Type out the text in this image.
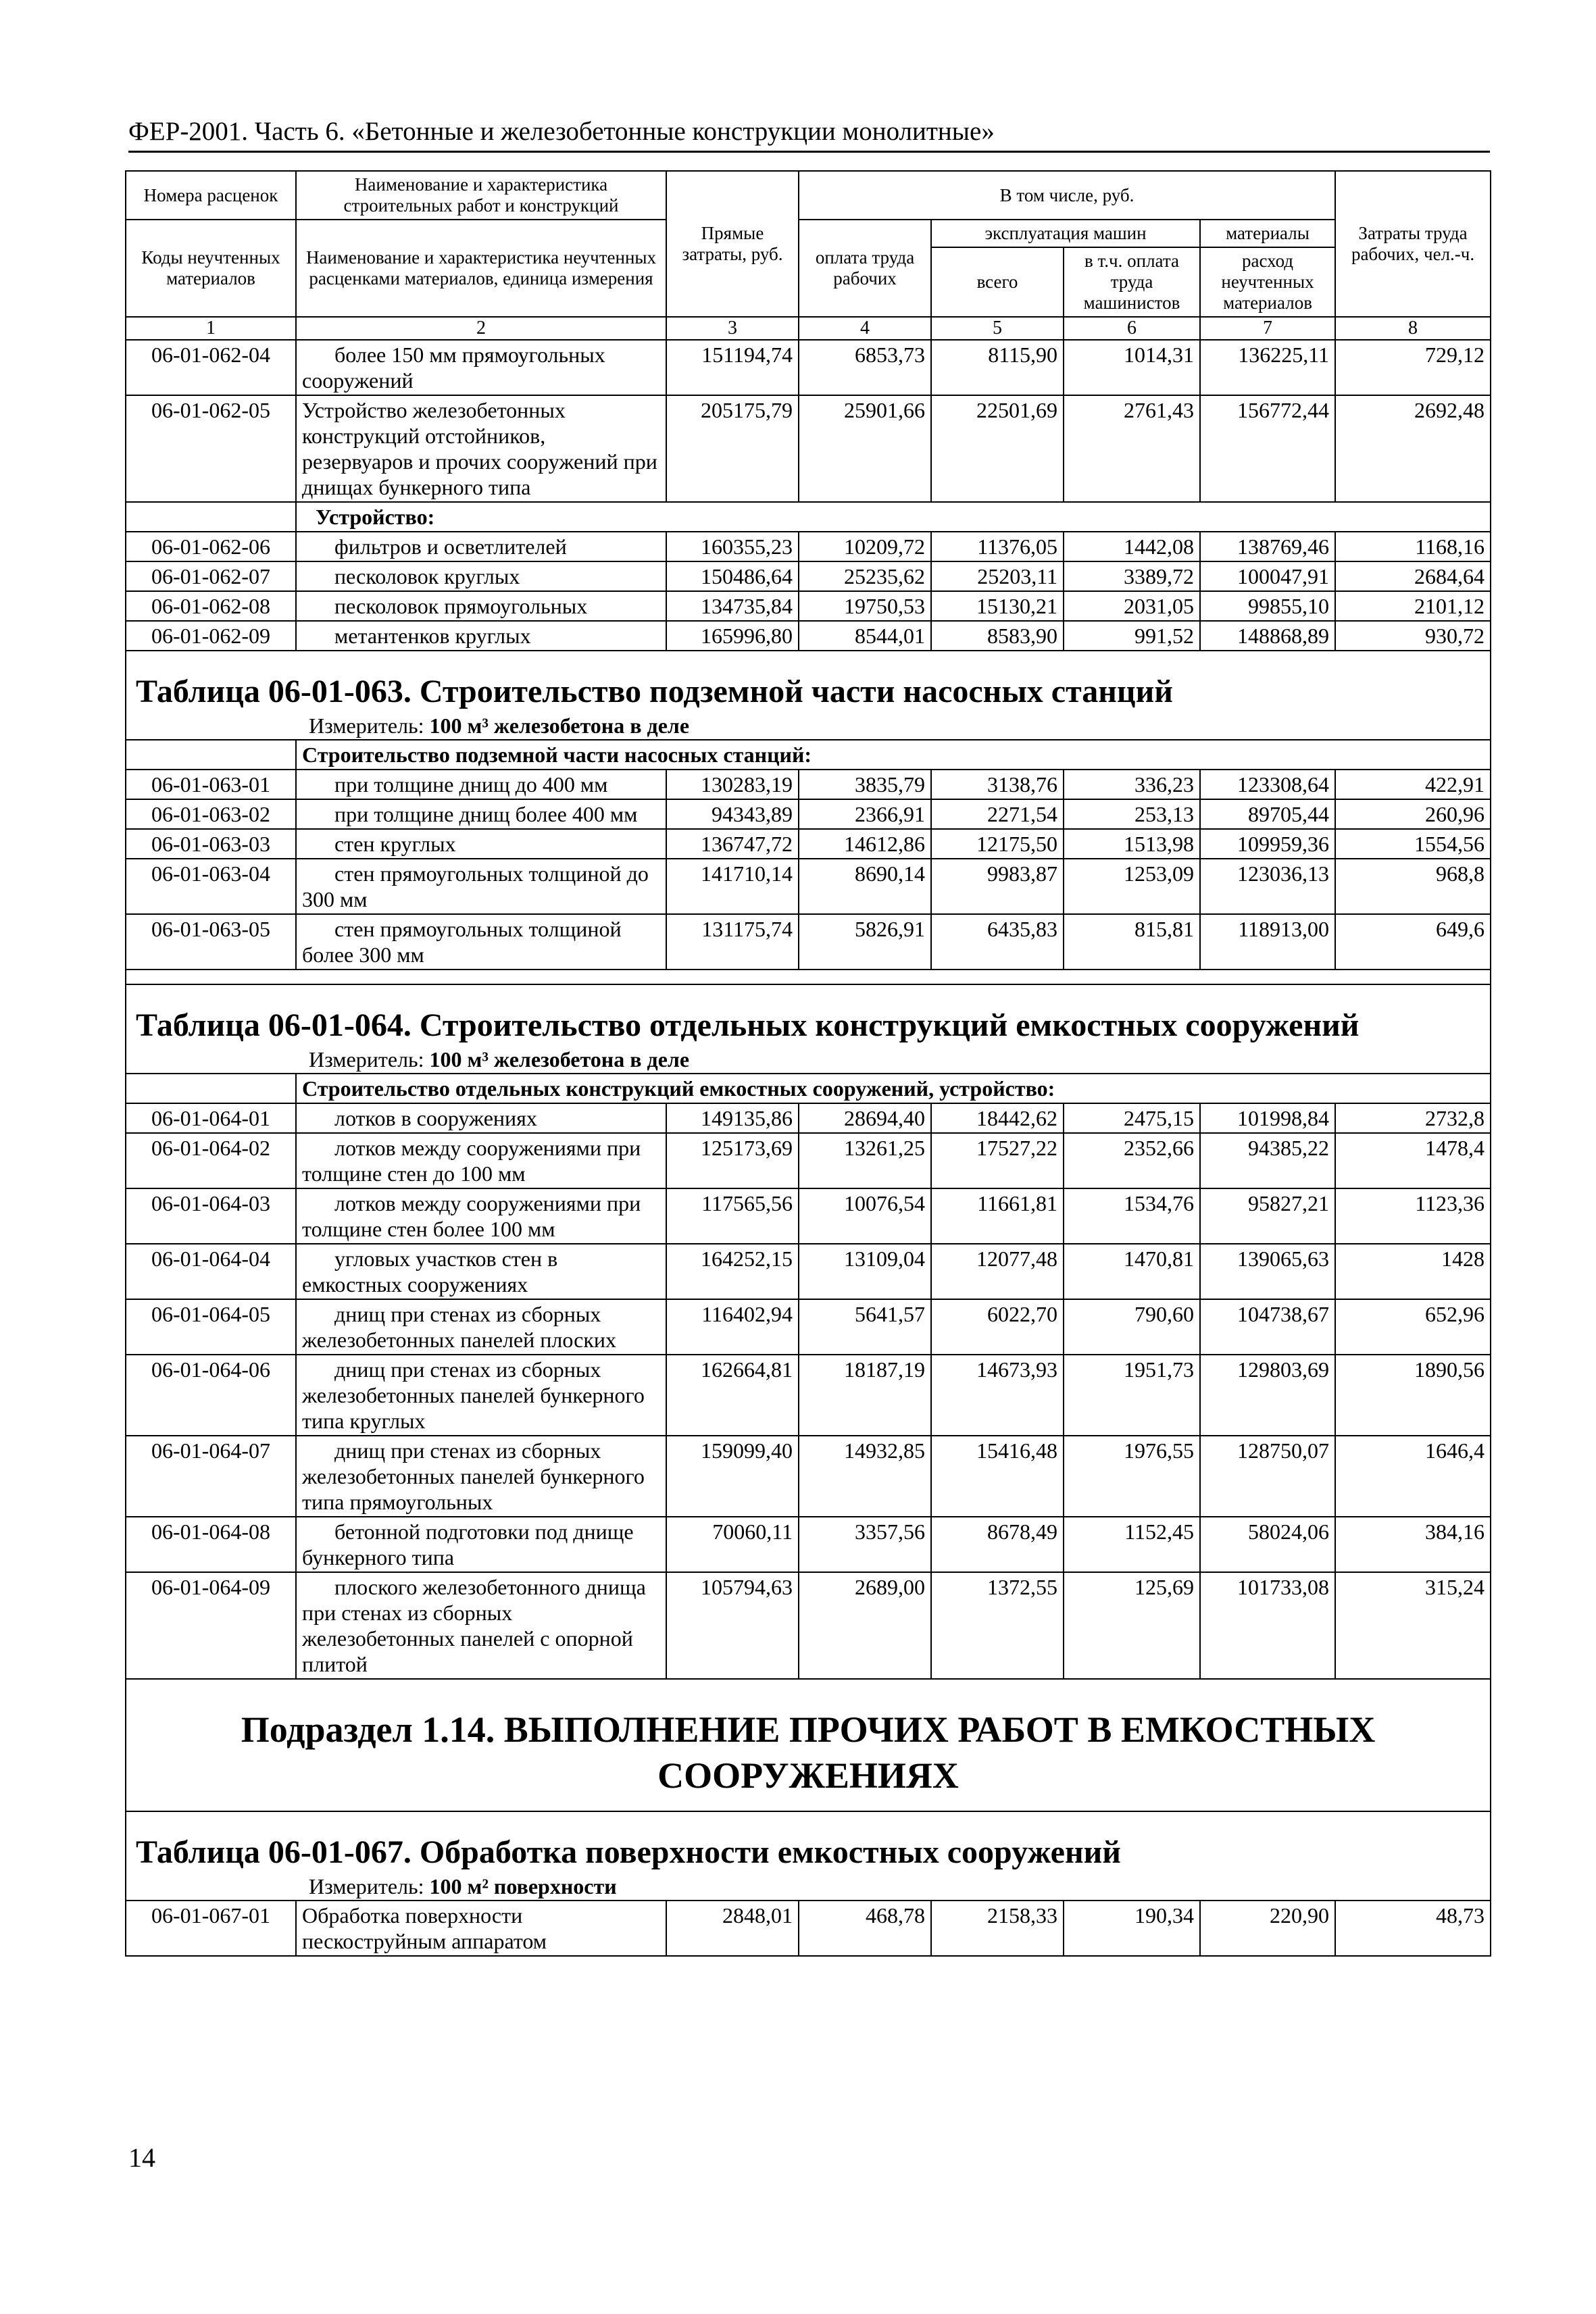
ФЕР-2001. Часть 6. «Бетонные и железобетонные конструкции монолитные»
Номера расценок	Наименование и характеристика строительных работ и конструкций	Прямые затраты, руб.	В том числе, руб.				Затраты труда рабочих, чел.-ч.
Коды неучтенных материалов	Наименование и характеристика неучтенных расценками материалов, единица измерения		оплата труда рабочих	эксплуатация машин		материалы	
				всего	в т.ч. оплата труда машинистов	расход неучтенных материалов	
1	2	3	4	5	6	7	8
06-01-062-04	более 150 мм прямоугольных сооружений	151194,74	6853,73	8115,90	1014,31	136225,11	729,12
06-01-062-05	Устройство железобетонных конструкций отстойников, резервуаров и прочих сооружений при днищах бункерного типа	205175,79	25901,66	22501,69	2761,43	156772,44	2692,48
	Устройство:						
06-01-062-06	фильтров и осветлителей	160355,23	10209,72	11376,05	1442,08	138769,46	1168,16
06-01-062-07	песколовок круглых	150486,64	25235,62	25203,11	3389,72	100047,91	2684,64
06-01-062-08	песколовок прямоугольных	134735,84	19750,53	15130,21	2031,05	99855,10	2101,12
06-01-062-09	метантенков круглых	165996,80	8544,01	8583,90	991,52	148868,89	930,72

Таблица 06-01-063. Строительство подземной части насосных станций
Измеритель: 100 м³ железобетона в деле							

	Строительство подземной части насосных станций:						
06-01-063-01	при толщине днищ до 400 мм	130283,19	3835,79	3138,76	336,23	123308,64	422,91
06-01-063-02	при толщине днищ более 400 мм	94343,89	2366,91	2271,54	253,13	89705,44	260,96
06-01-063-03	стен круглых	136747,72	14612,86	12175,50	1513,98	109959,36	1554,56
06-01-063-04	стен прямоугольных толщиной до 300 мм	141710,14	8690,14	9983,87	1253,09	123036,13	968,8
06-01-063-05	стен прямоугольных толщиной более 300 мм	131175,74	5826,91	6435,83	815,81	118913,00	649,6

Таблица 06-01-064. Строительство отдельных конструкций емкостных сооружений
Измеритель: 100 м³ железобетона в деле							

	Строительство отдельных конструкций емкостных сооружений, устройство:						
06-01-064-01	лотков в сооружениях	149135,86	28694,40	18442,62	2475,15	101998,84	2732,8
06-01-064-02	лотков между сооружениями при толщине стен до 100 мм	125173,69	13261,25	17527,22	2352,66	94385,22	1478,4
06-01-064-03	лотков между сооружениями при толщине стен более 100 мм	117565,56	10076,54	11661,81	1534,76	95827,21	1123,36
06-01-064-04	угловых участков стен в емкостных сооружениях	164252,15	13109,04	12077,48	1470,81	139065,63	1428
06-01-064-05	днищ при стенах из сборных железобетонных панелей плоских	116402,94	5641,57	6022,70	790,60	104738,67	652,96
06-01-064-06	днищ при стенах из сборных железобетонных панелей бункерного типа круглых	162664,81	18187,19	14673,93	1951,73	129803,69	1890,56
06-01-064-07	днищ при стенах из сборных железобетонных панелей бункерного типа прямоугольных	159099,40	14932,85	15416,48	1976,55	128750,07	1646,4
06-01-064-08	бетонной подготовки под днище бункерного типа	70060,11	3357,56	8678,49	1152,45	58024,06	384,16
06-01-064-09	плоского железобетонного днища при стенах из сборных железобетонных панелей с опорной плитой	105794,63	2689,00	1372,55	125,69	101733,08	315,24

Подраздел 1.14. ВЫПОЛНЕНИЕ ПРОЧИХ РАБОТ В ЕМКОСТНЫХ СООРУЖЕНИЯХ							

Таблица 06-01-067. Обработка поверхности емкостных сооружений
Измеритель: 100 м² поверхности							

06-01-067-01	Обработка поверхности пескоструйным аппаратом	2848,01	468,78	2158,33	190,34	220,90	48,73
14
